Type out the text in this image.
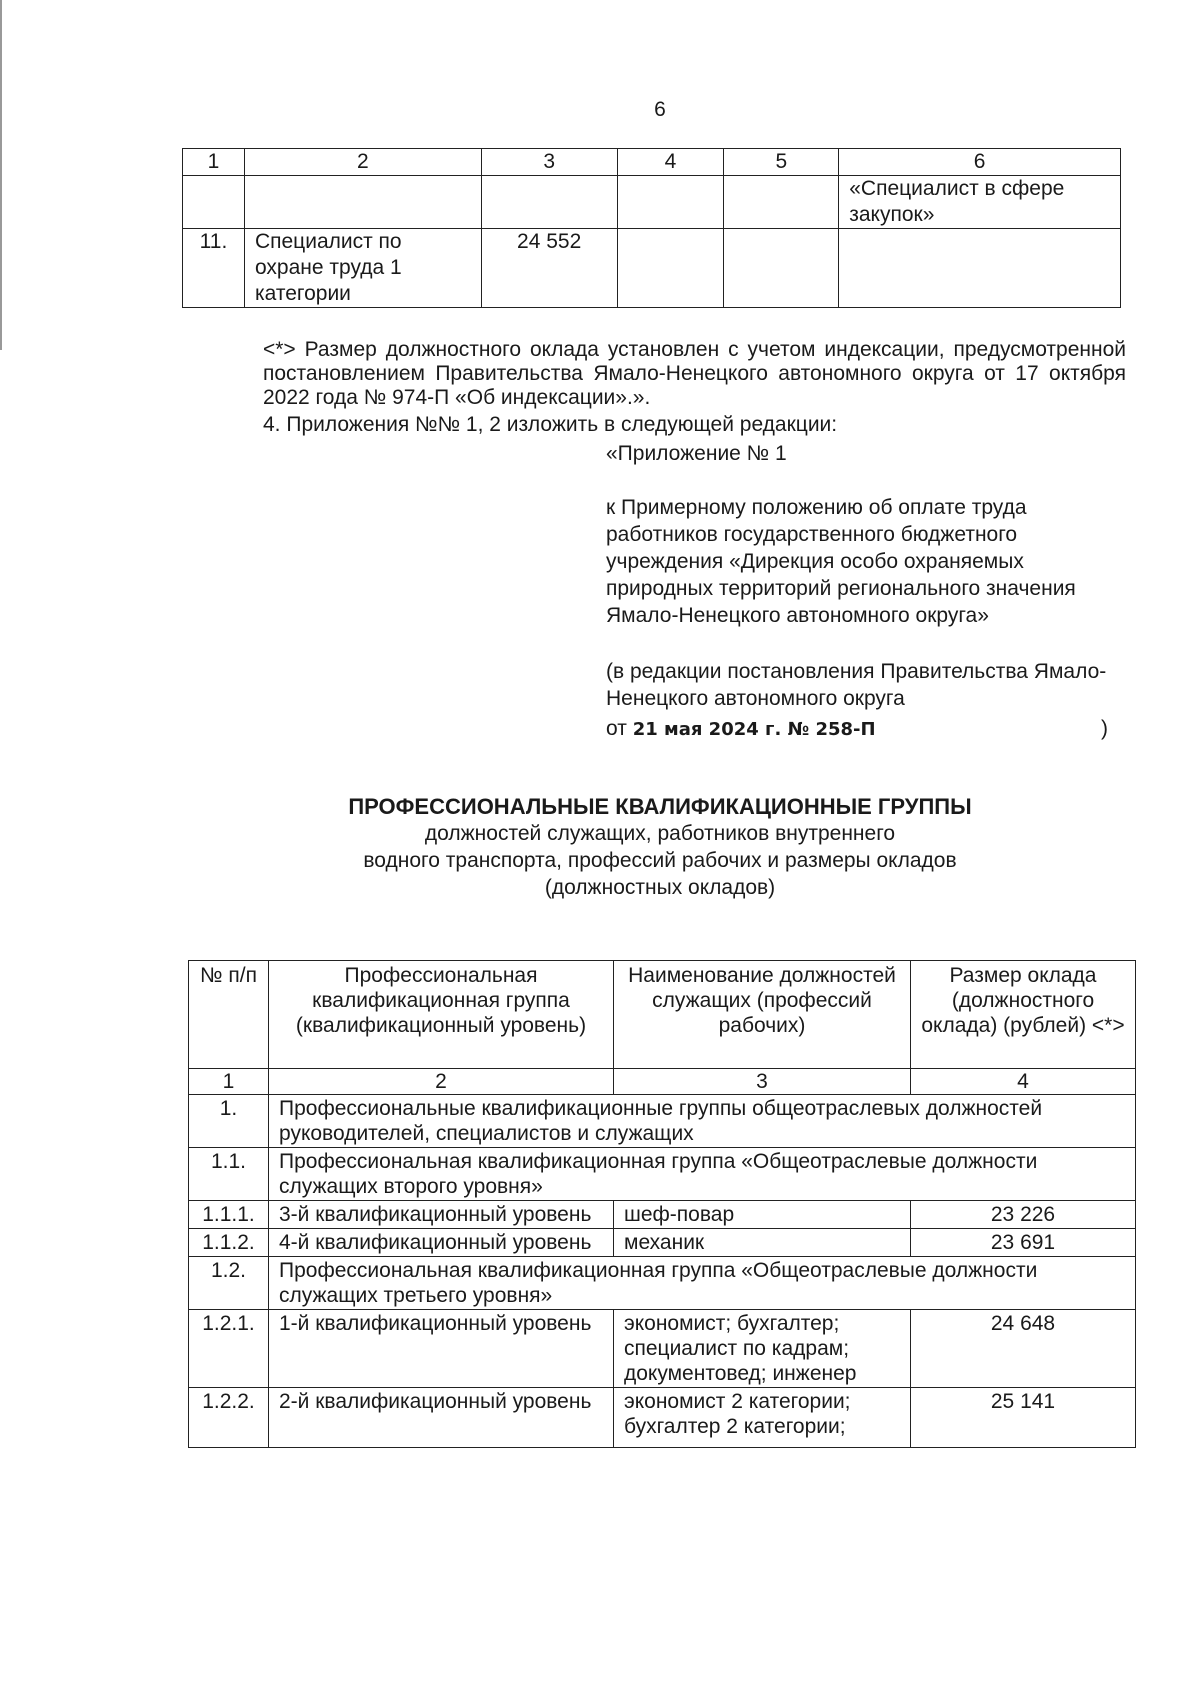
6
1	2	3	4	5	6
					«Специалист в сфере закупок»
11.	Специалист по охране труда 1 категории	24 552			
<*> Размер должностного оклада установлен с учетом индексации, предусмотренной постановлением Правительства Ямало-Ненецкого автономного округа от 17 октября 2022 года № 974-П «Об индексации».».
4. Приложения №№ 1, 2 изложить в следующей редакции:
«Приложение № 1
к Примерному положению об оплате труда работников государственного бюджетного учреждения «Дирекция особо охраняемых природных территорий регионального значения Ямало-Ненецкого автономного округа»
(в редакции постановления Правительства Ямало-Ненецкого автономного округа
от 21 мая 2024 г. № 258-П	)
ПРОФЕССИОНАЛЬНЫЕ КВАЛИФИКАЦИОННЫЕ ГРУППЫ
должностей служащих, работников внутреннего
водного транспорта, профессий рабочих и размеры окладов
(должностных окладов)
№ п/п	Профессиональная квалификационная группа (квалификационный уровень)	Наименование должностей служащих (профессий рабочих)	Размер оклада (должностного оклада) (рублей) <*>
1	2	3	4
1.	Профессиональные квалификационные группы общеотраслевых должностей руководителей, специалистов и служащих		
1.1.	Профессиональная квалификационная группа «Общеотраслевые должности служащих второго уровня»		
1.1.1.	3-й квалификационный уровень	шеф-повар	23 226
1.1.2.	4-й квалификационный уровень	механик	23 691
1.2.	Профессиональная квалификационная группа «Общеотраслевые должности служащих третьего уровня»		
1.2.1.	1-й квалификационный уровень	экономист; бухгалтер; специалист по кадрам; документовед; инженер	24 648
1.2.2.	2-й квалификационный уровень	экономист 2 категории; бухгалтер 2 категории;	25 141
